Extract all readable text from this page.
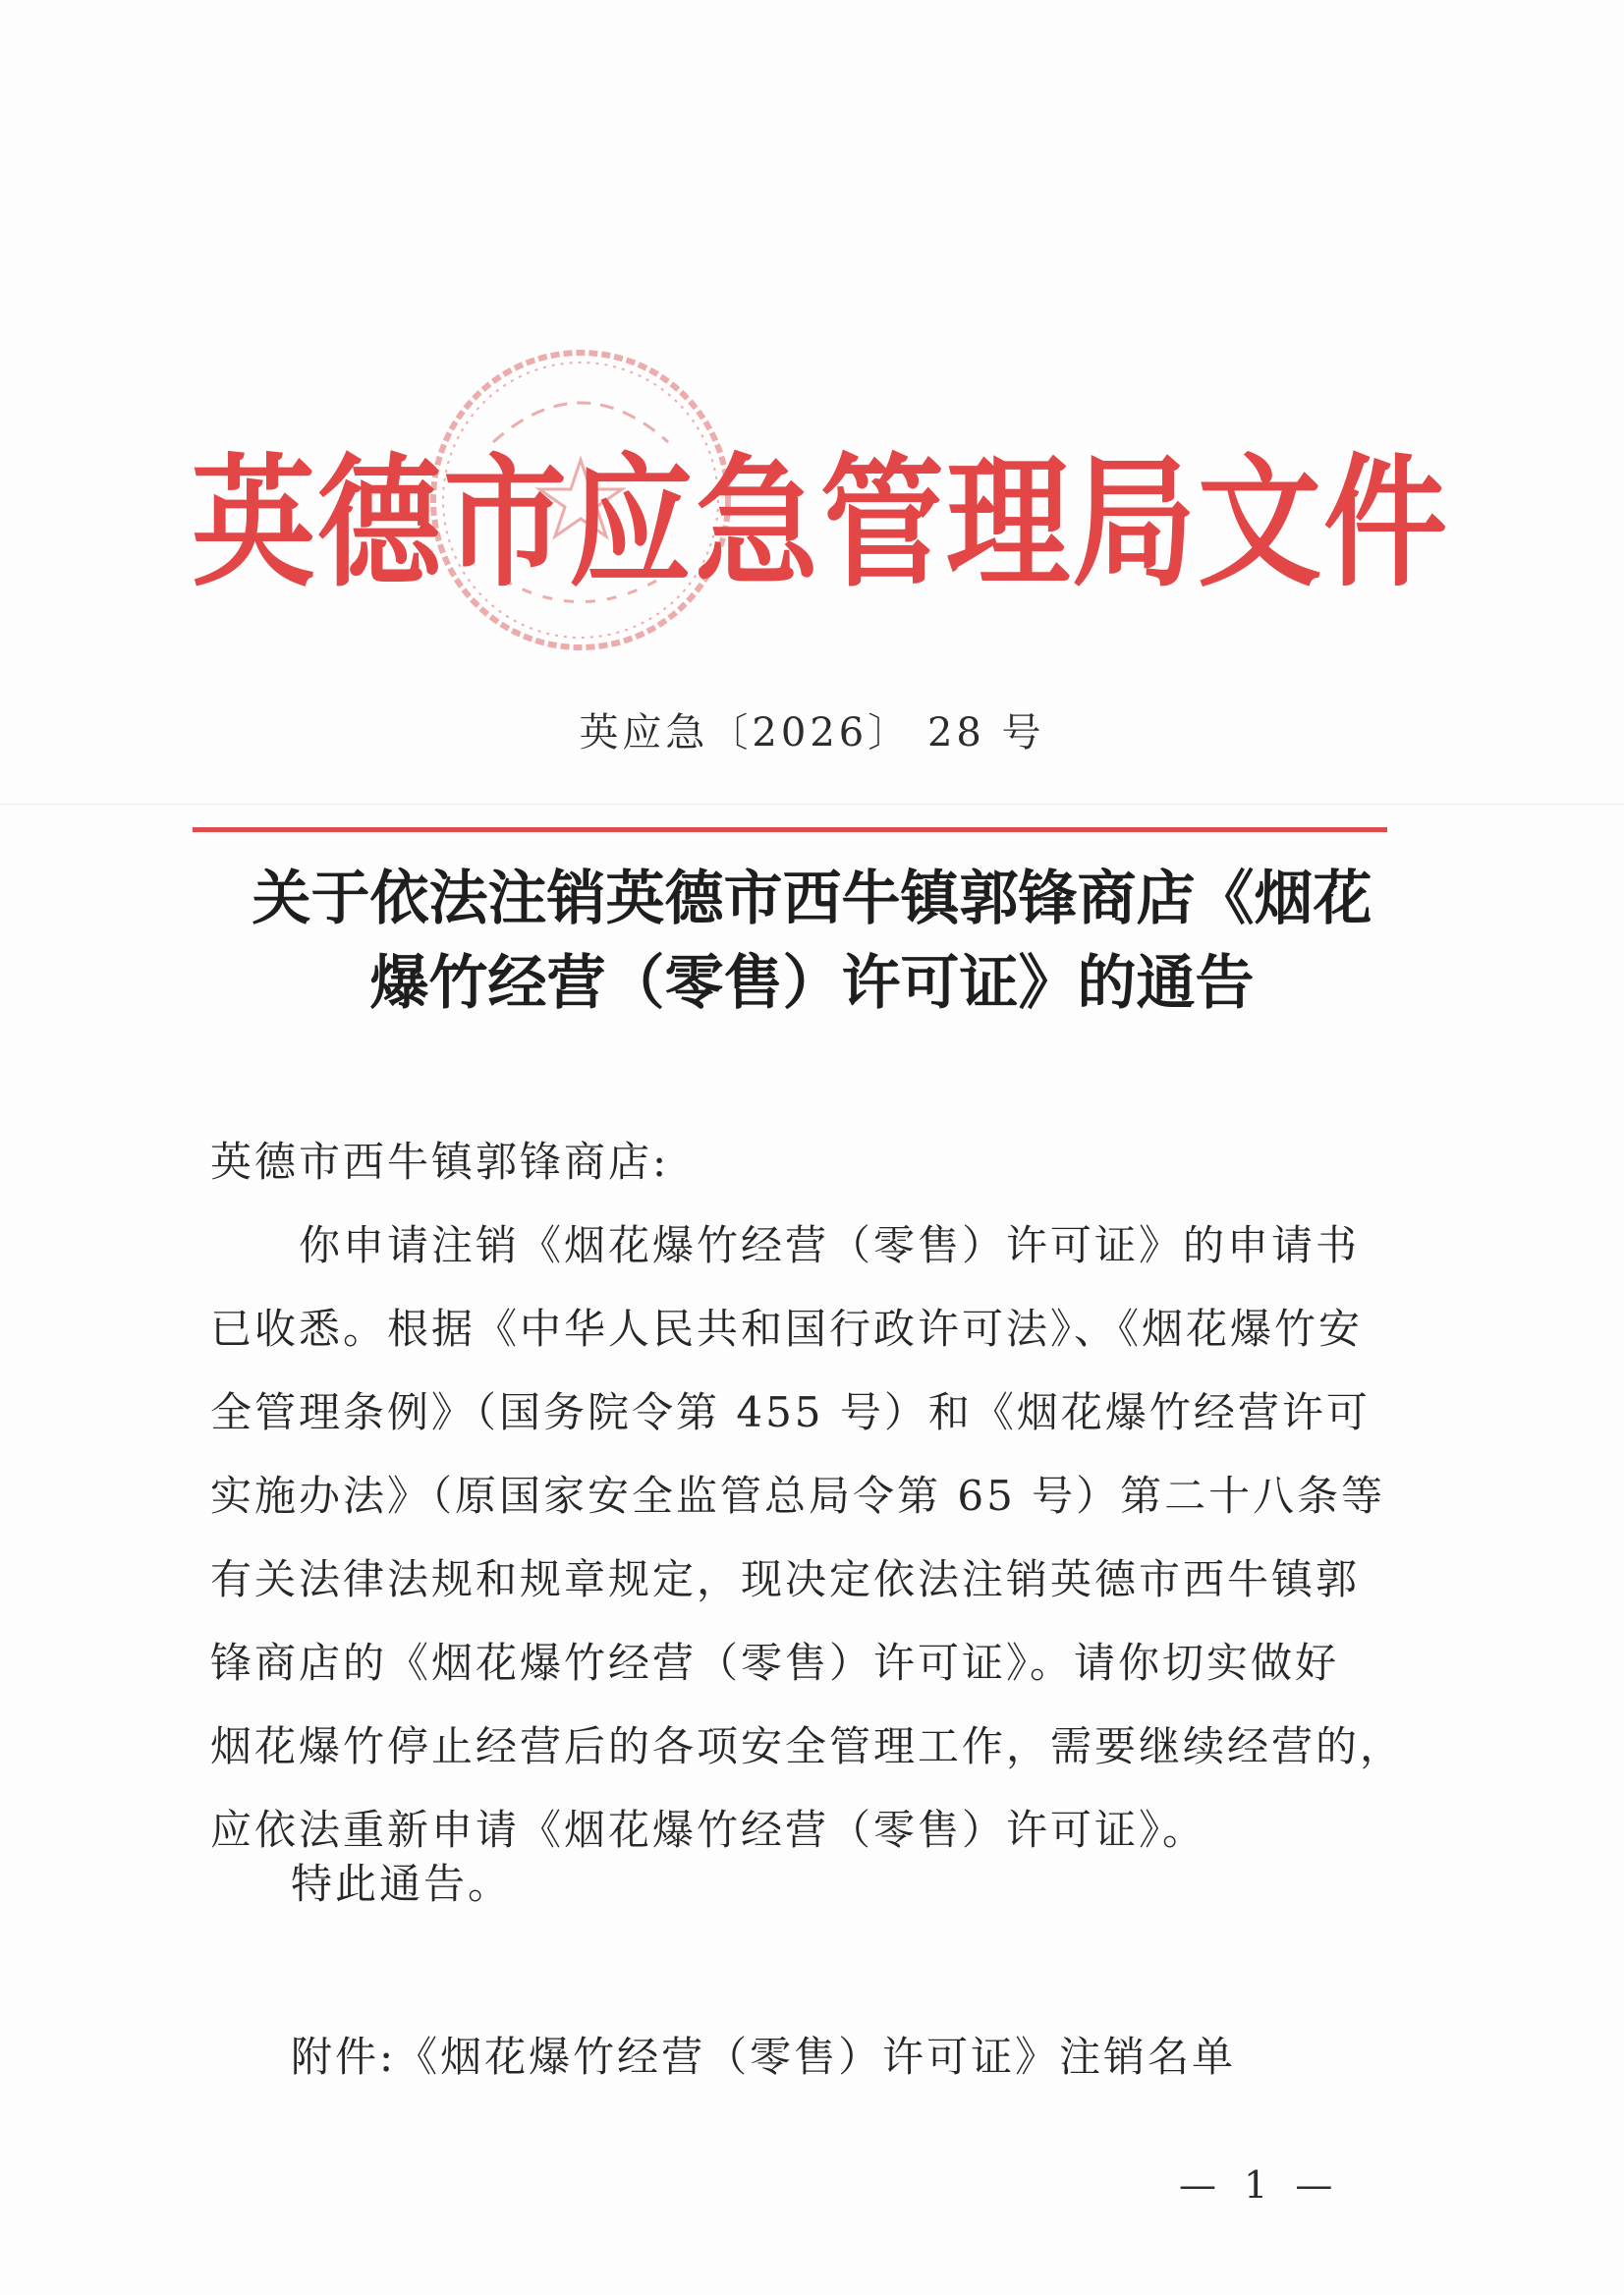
英德市应急管理局文件
英应急〔2026〕 28 号
关于依法注销英德市西牛镇郭锋商店《烟花
爆竹经营（零售）许可证》的通告
英德市西牛镇郭锋商店:
你申请注销《烟花爆竹经营（零售）许可证》的申请书
已收悉。根据《中华人民共和国行政许可法》、《烟花爆竹安
全管理条例》（国务院令第 455 号）和《烟花爆竹经营许可
实施办法》（原国家安全监管总局令第 65 号）第二十八条等
有关法律法规和规章规定，现决定依法注销英德市西牛镇郭
锋商店的《烟花爆竹经营（零售）许可证》。请你切实做好
烟花爆竹停止经营后的各项安全管理工作，需要继续经营的，
应依法重新申请《烟花爆竹经营（零售）许可证》。
特此通告。
附件:《烟花爆竹经营（零售）许可证》注销名单
— 1 —
